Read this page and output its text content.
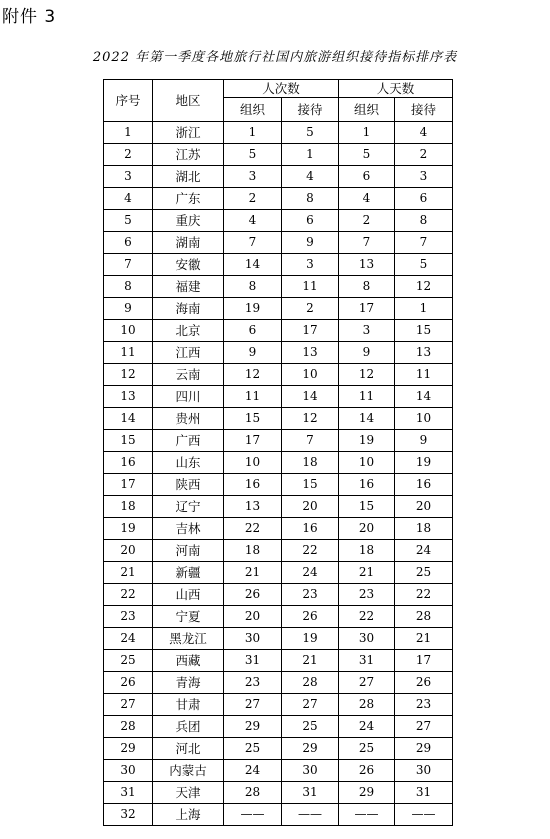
附件 3
2022 年第一季度各地旅行社国内旅游组织接待指标排序表
序号	地区	人次数		人天数	
		组织	接待	组织	接待
1	浙江	1	5	1	4
2	江苏	5	1	5	2
3	湖北	3	4	6	3
4	广东	2	8	4	6
5	重庆	4	6	2	8
6	湖南	7	9	7	7
7	安徽	14	3	13	5
8	福建	8	11	8	12
9	海南	19	2	17	1
10	北京	6	17	3	15
11	江西	9	13	9	13
12	云南	12	10	12	11
13	四川	11	14	11	14
14	贵州	15	12	14	10
15	广西	17	7	19	9
16	山东	10	18	10	19
17	陕西	16	15	16	16
18	辽宁	13	20	15	20
19	吉林	22	16	20	18
20	河南	18	22	18	24
21	新疆	21	24	21	25
22	山西	26	23	23	22
23	宁夏	20	26	22	28
24	黑龙江	30	19	30	21
25	西藏	31	21	31	17
26	青海	23	28	27	26
27	甘肃	27	27	28	23
28	兵团	29	25	24	27
29	河北	25	29	25	29
30	内蒙古	24	30	26	30
31	天津	28	31	29	31
32	上海	——	——	——	——
